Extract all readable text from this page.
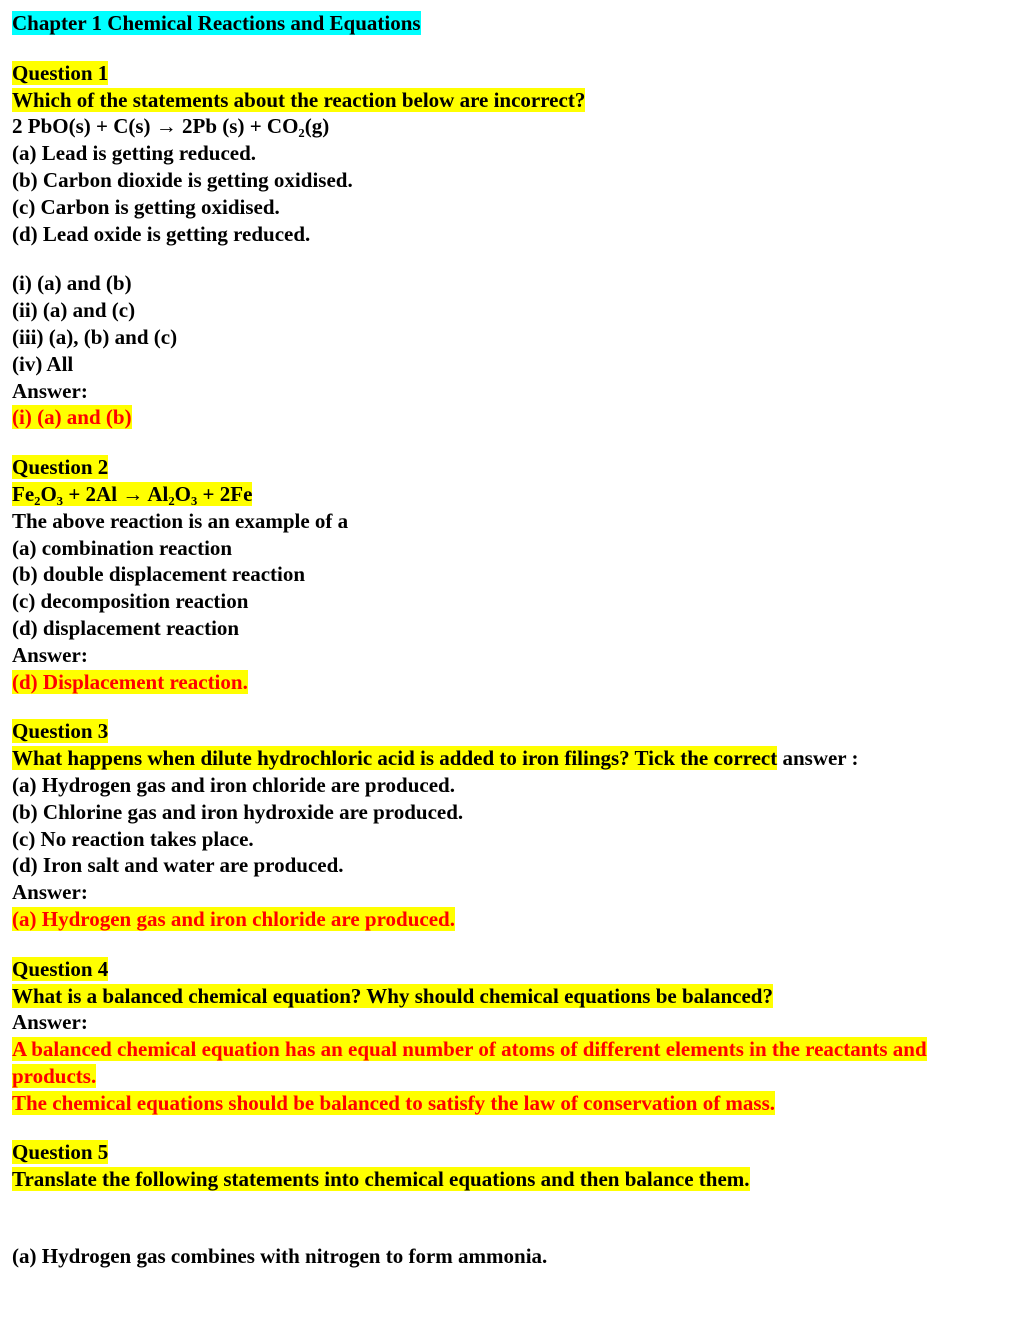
Chapter 1 Chemical Reactions and Equations
Question 1
Which of the statements about the reaction below are incorrect?
2 PbO(s) + C(s) → 2Pb (s) + CO₂(g)
(a) Lead is getting reduced.
(b) Carbon dioxide is getting oxidised.
(c) Carbon is getting oxidised.
(d) Lead oxide is getting reduced.
(i) (a) and (b)
(ii) (a) and (c)
(iii) (a), (b) and (c)
(iv) All
Answer:
(i) (a) and (b)
Question 2
Fe₂O₃ + 2Al → Al₂O₃ + 2Fe
The above reaction is an example of a
(a) combination reaction
(b) double displacement reaction
(c) decomposition reaction
(d) displacement reaction
Answer:
(d) Displacement reaction.
Question 3
What happens when dilute hydrochloric acid is added to iron filings? Tick the correct answer :
(a) Hydrogen gas and iron chloride are produced.
(b) Chlorine gas and iron hydroxide are produced.
(c) No reaction takes place.
(d) Iron salt and water are produced.
Answer:
(a) Hydrogen gas and iron chloride are produced.
Question 4
What is a balanced chemical equation? Why should chemical equations be balanced?
Answer:
A balanced chemical equation has an equal number of atoms of different elements in the reactants and products.
The chemical equations should be balanced to satisfy the law of conservation of mass.
Question 5
Translate the following statements into chemical equations and then balance them.
(a) Hydrogen gas combines with nitrogen to form ammonia.
